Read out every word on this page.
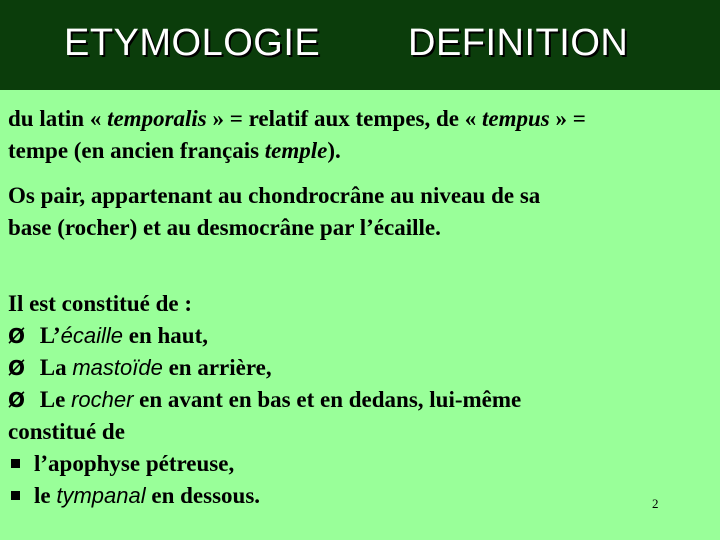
ETYMOLOGIE DEFINITION
du latin « temporalis » = relatif aux tempes, de « tempus » =
tempe (en ancien français temple).
Os pair, appartenant au chondrocrâne au niveau de sa
base (rocher) et au desmocrâne par l’écaille.
Il est constitué de :
Ø L’écaille en haut,
Ø La mastoïde en arrière,
Ø Le rocher en avant en bas et en dedans, lui-même
constitué de
l’apophyse pétreuse,
le tympanal en dessous.	2
